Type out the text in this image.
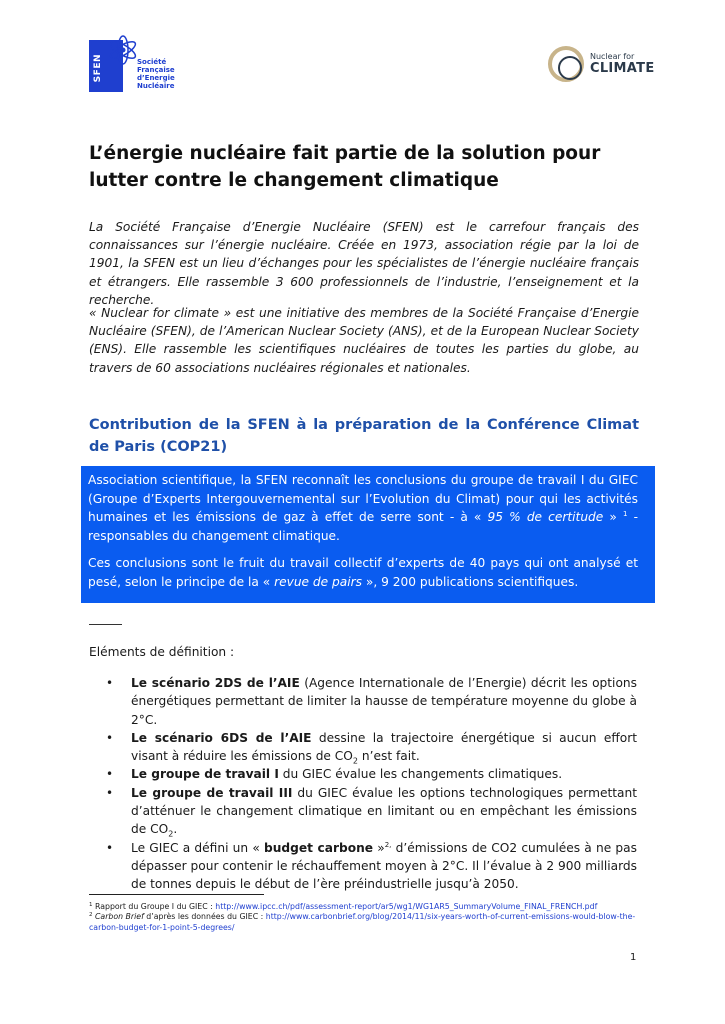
SFEN	Société
Française
d’Energie
Nucléaire
Nuclear for
CLIMATE
L’énergie nucléaire fait partie de la solution pour lutter contre le changement climatique
La Société Française d’Energie Nucléaire (SFEN) est le carrefour français des connaissances sur l’énergie nucléaire. Créée en 1973, association régie par la loi de 1901, la SFEN est un lieu d’échanges pour les spécialistes de l’énergie nucléaire français et étrangers. Elle rassemble 3 600 professionnels de l’industrie, l’enseignement et la recherche.
« Nuclear for climate » est une initiative des membres de la Société Française d’Energie Nucléaire (SFEN), de l’American Nuclear Society (ANS), et de la European Nuclear Society (ENS). Elle rassemble les scientifiques nucléaires de toutes les parties du globe, au travers de 60 associations nucléaires régionales et nationales.
Contribution de la SFEN à la préparation de la Conférence Climat de Paris (COP21)

Association scientifique, la SFEN reconnaît les conclusions du groupe de travail I du GIEC (Groupe d’Experts Intergouvernemental sur l’Evolution du Climat) pour qui les activités humaines et les émissions de gaz à effet de serre sont - à « 95 % de certitude » $^1$ - responsables du changement climatique.

Ces conclusions sont le fruit du travail collectif d’experts de 40 pays qui ont analysé et pesé, selon le principe de la « revue de pairs », 9 200 publications scientifiques.

Eléments de définition :
• Le scénario 2DS de l’AIE (Agence Internationale de l’Energie) décrit les options énergétiques permettant de limiter la hausse de température moyenne du globe à 2°C.
• Le scénario 6DS de l’AIE dessine la trajectoire énergétique si aucun effort visant à réduire les émissions de $CO_2$ n’est fait.
• Le groupe de travail I du GIEC évalue les changements climatiques.
• Le groupe de travail III du GIEC évalue les options technologiques permettant d’atténuer le changement climatique en limitant ou en empêchant les émissions de $CO_2$.
• Le GIEC a défini un « budget carbone »$^{2,}$ d’émissions de CO2 cumulées à ne pas dépasser pour contenir le réchauffement moyen à 2°C. Il l’évalue à 2 900 milliards de tonnes depuis le début de l’ère préindustrielle jusqu’à 2050.
$^1$ Rapport du Groupe I du GIEC : http://www.ipcc.ch/pdf/assessment-report/ar5/wg1/WG1AR5_SummaryVolume_FINAL_FRENCH.pdf
$^2$ Carbon Brief d’après les données du GIEC : http://www.carbonbrief.org/blog/2014/11/six-years-worth-of-current-emissions-would-blow-the-carbon-budget-for-1-point-5-degrees/
1
